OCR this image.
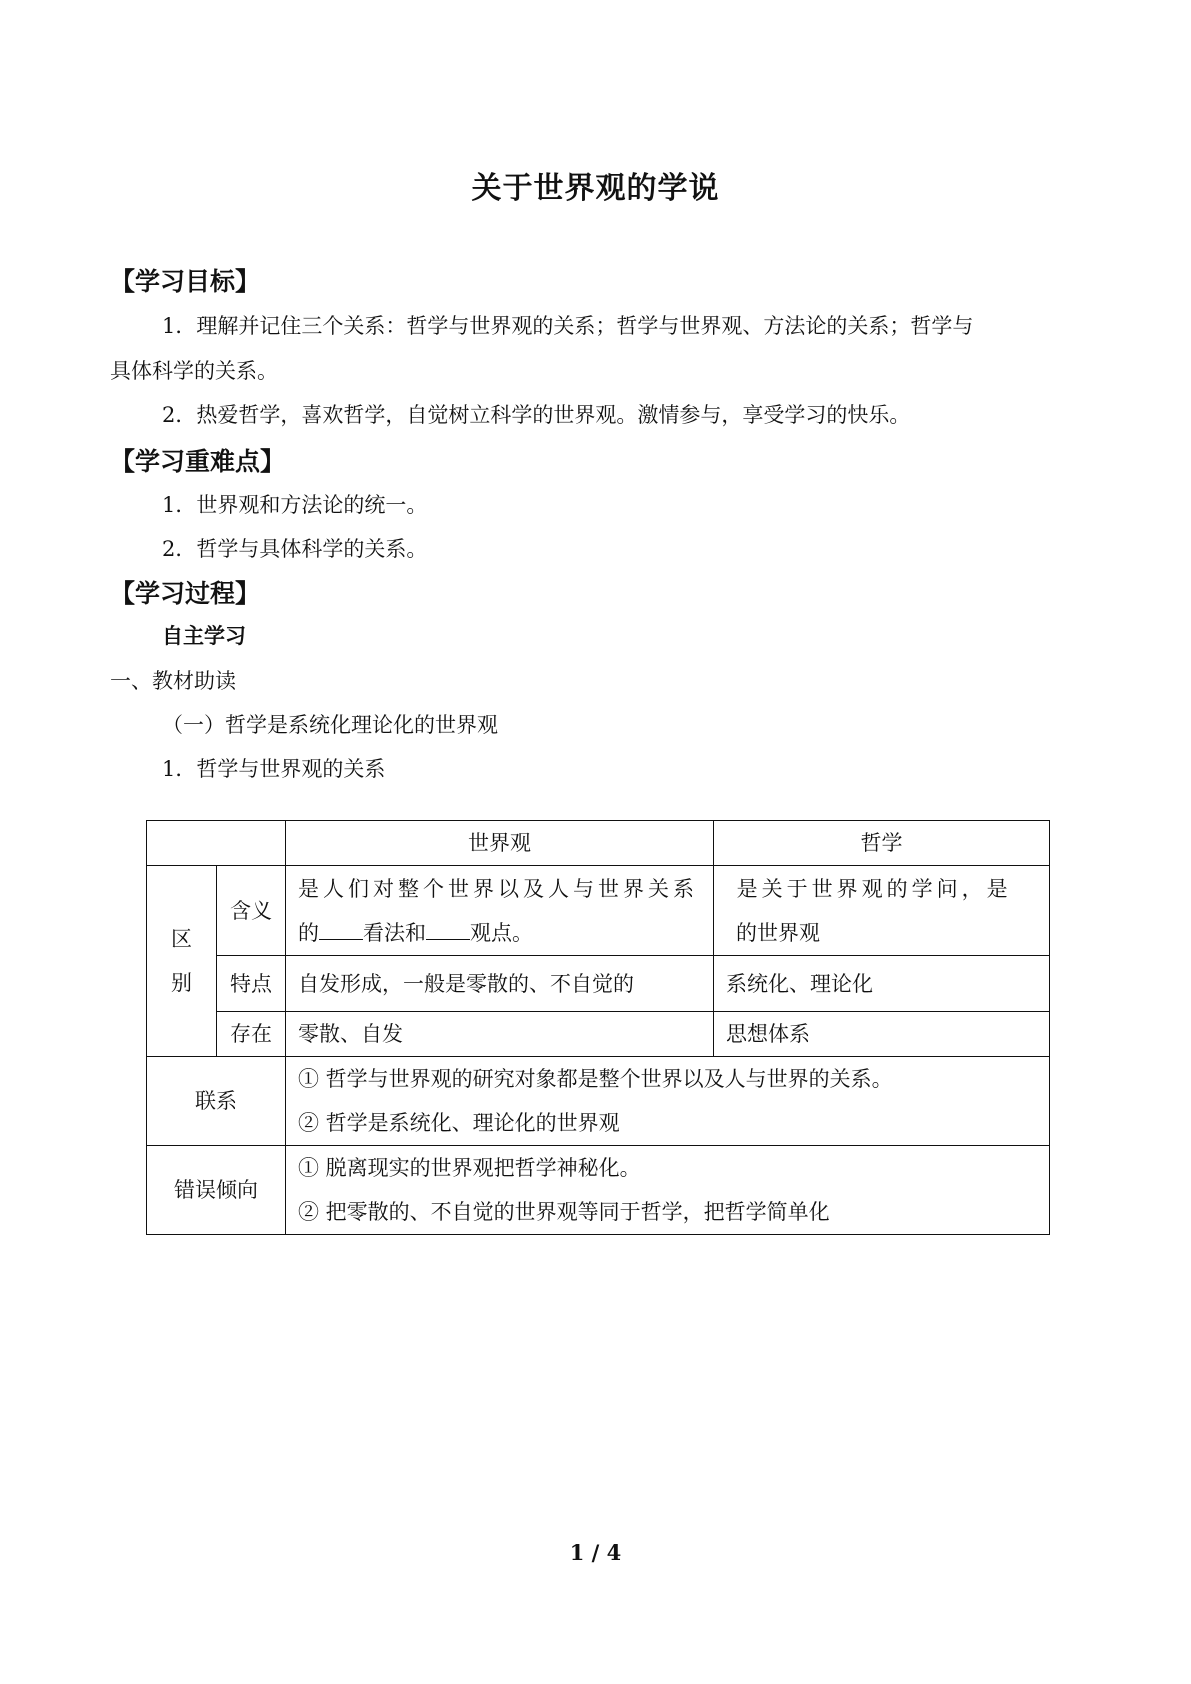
关于世界观的学说
【学习目标】
1．理解并记住三个关系：哲学与世界观的关系；哲学与世界观、方法论的关系；哲学与
具体科学的关系。
2．热爱哲学，喜欢哲学，自觉树立科学的世界观。激情参与，享受学习的快乐。
【学习重难点】
1．世界观和方法论的统一。
2．哲学与具体科学的关系。
【学习过程】
自主学习
一、教材助读
（一）哲学是系统化理论化的世界观
1．哲学与世界观的关系
		世界观	哲学

区
别	含义	是人们对整个世界以及人与世界关系
的 看法和 观点。	是关于世界观的学问，是
的世界观

	特点	自发形成，一般是零散的、不自觉的	系统化、理论化
	存在	零散、自发	思想体系
联系		① 哲学与世界观的研究对象都是整个世界以及人与世界的关系。
② 哲学是系统化、理论化的世界观	

错误倾向		① 脱离现实的世界观把哲学神秘化。
② 把零散的、不自觉的世界观等同于哲学，把哲学简单化	
1 / 4
